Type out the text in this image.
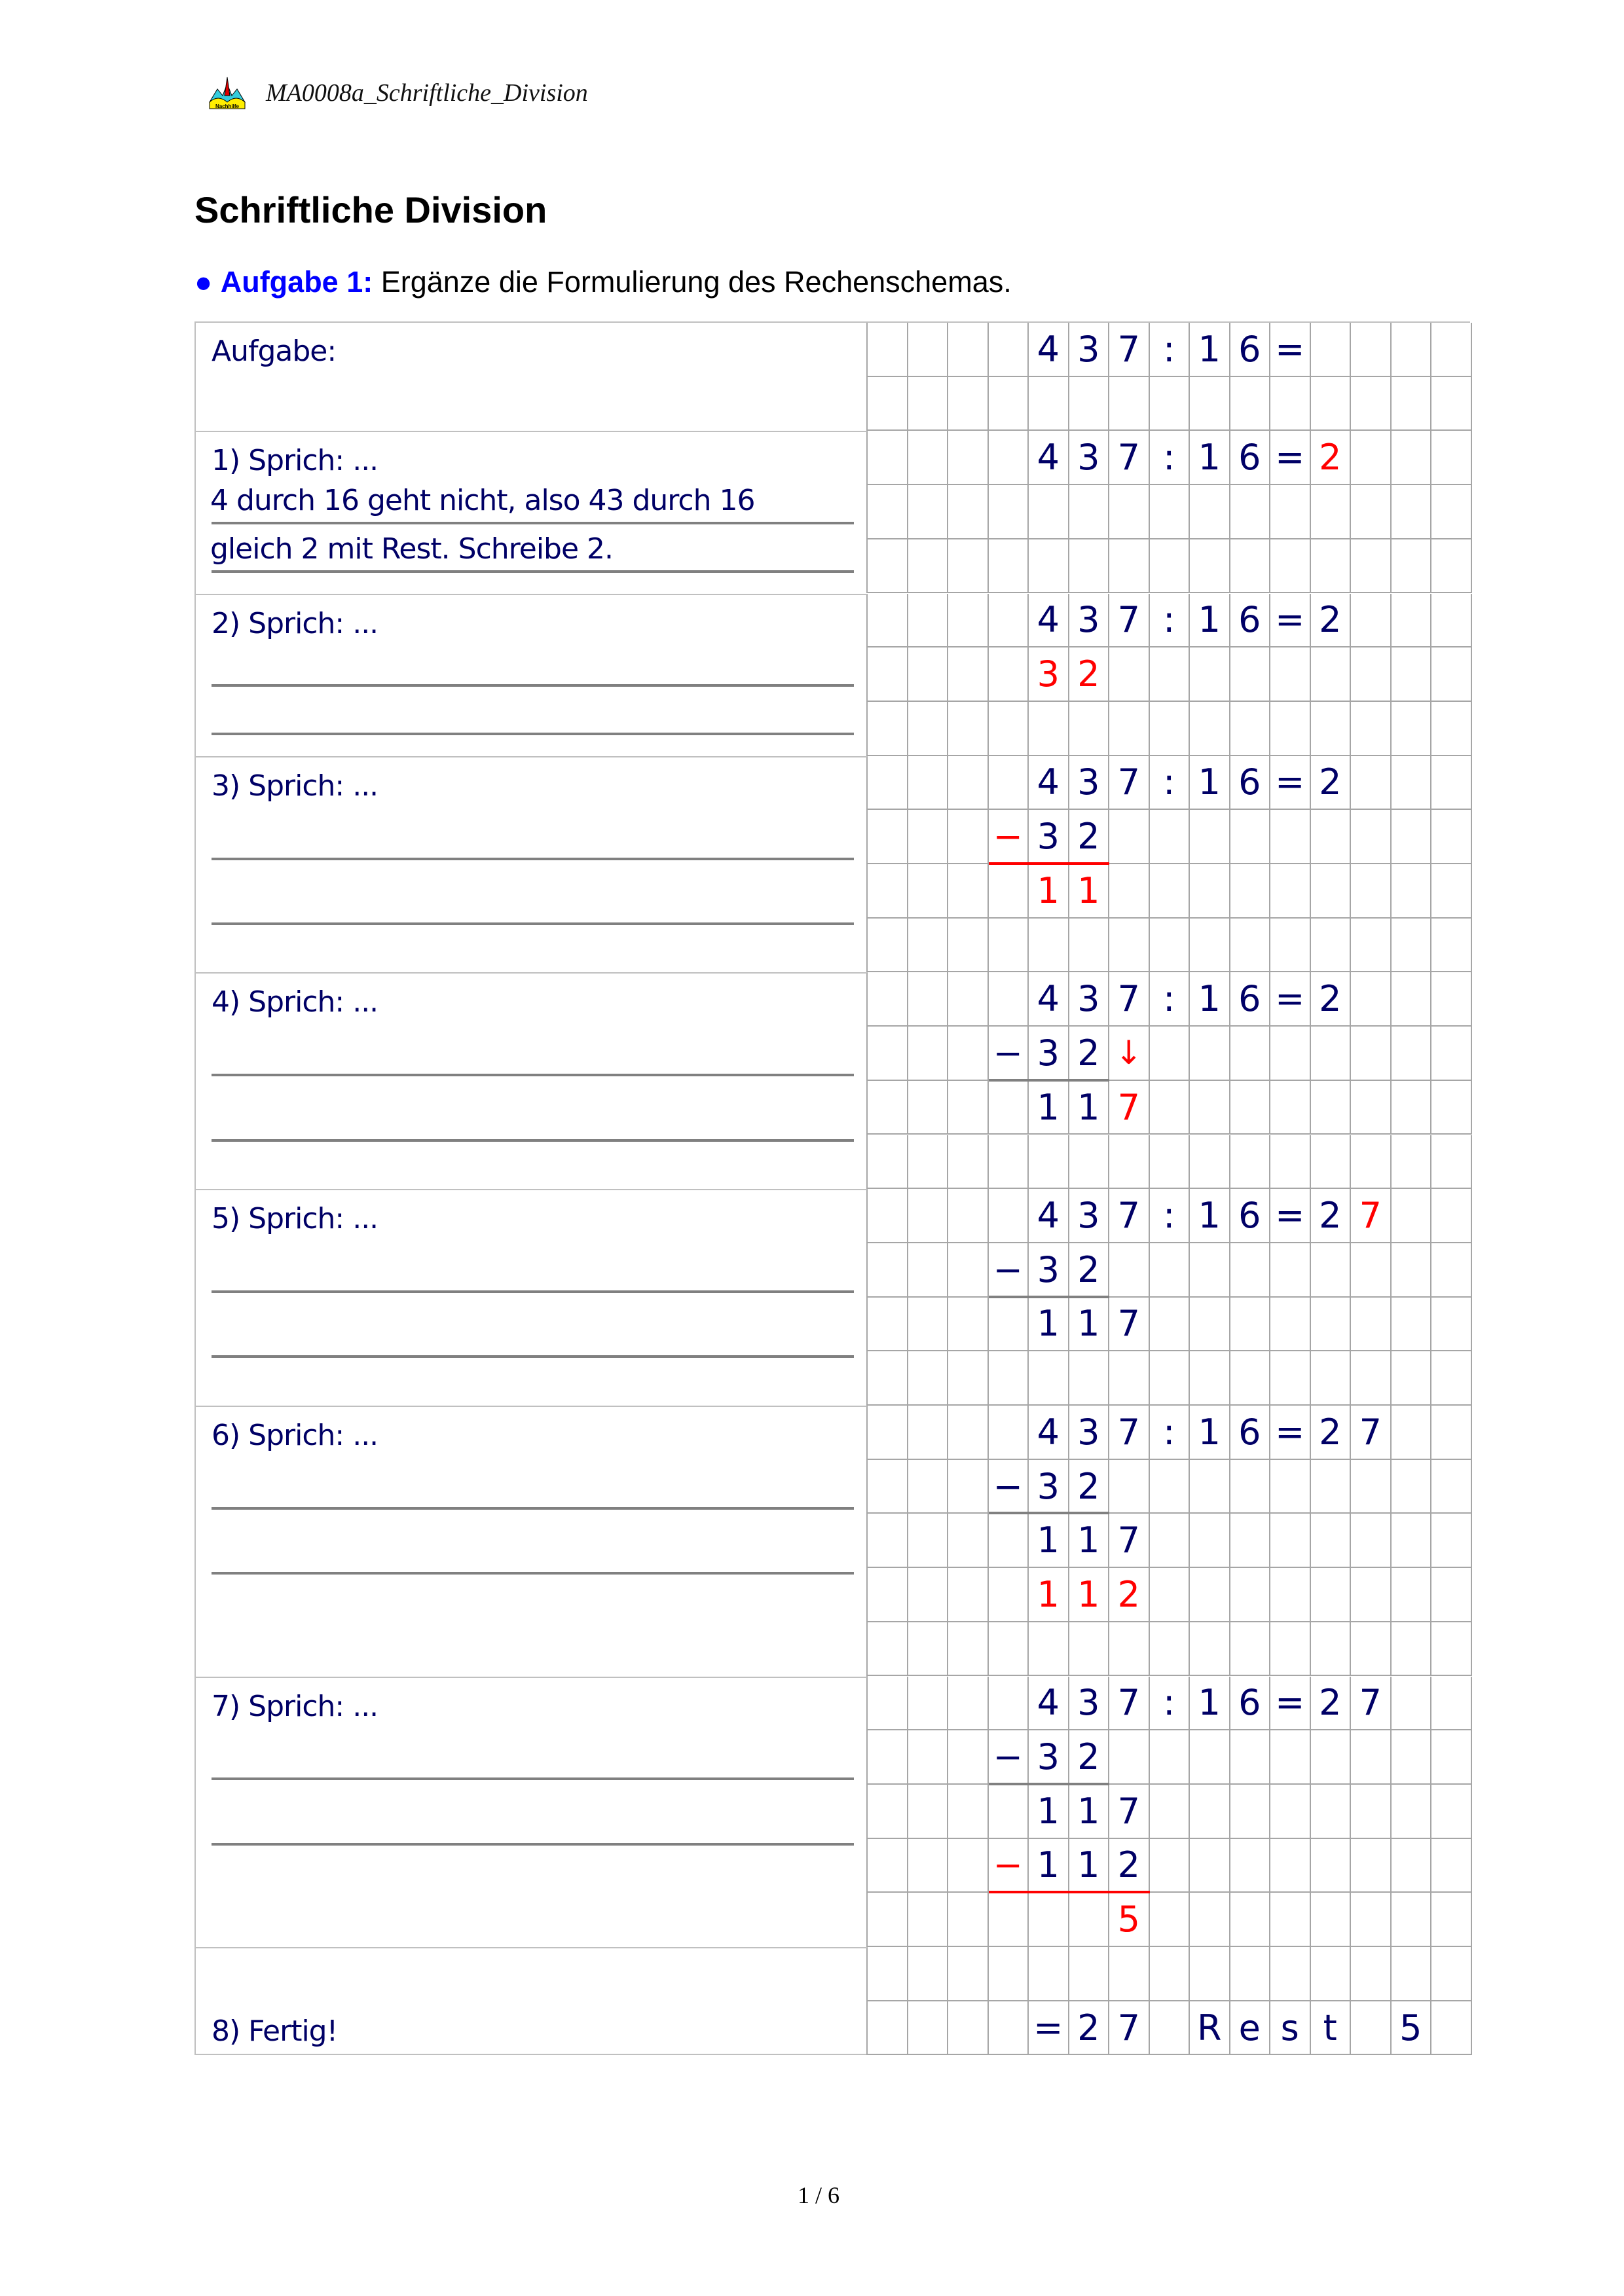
Nachhilfe MA0008a_Schriftliche_Division
Schriftliche Division
● Aufgabe 1: Ergänze die Formulierung des Rechenschemas.
Aufgabe:
1) Sprich: ...
4 durch 16 geht nicht, also 43 durch 16
gleich 2 mit Rest. Schreibe 2.
2) Sprich: ...
3) Sprich: ...
4) Sprich: ...
5) Sprich: ...
6) Sprich: ...
7) Sprich: ...
8) Fertig!
4 3 7 : 1 6 =
4 3 7 : 1 6 = 2
4 3 7 : 1 6 = 2
3 2
4 3 7 : 1 6 = 2
− 3 2
1 1
4 3 7 : 1 6 = 2
− 3 2 ↓
1 1 7
4 3 7 : 1 6 = 2 7
− 3 2
1 1 7
4 3 7 : 1 6 = 2 7
− 3 2
1 1 7
1 1 2
4 3 7 : 1 6 = 2 7
− 3 2
1 1 7
− 1 1 2
5
= 2 7 R e s t	5
1 / 6
